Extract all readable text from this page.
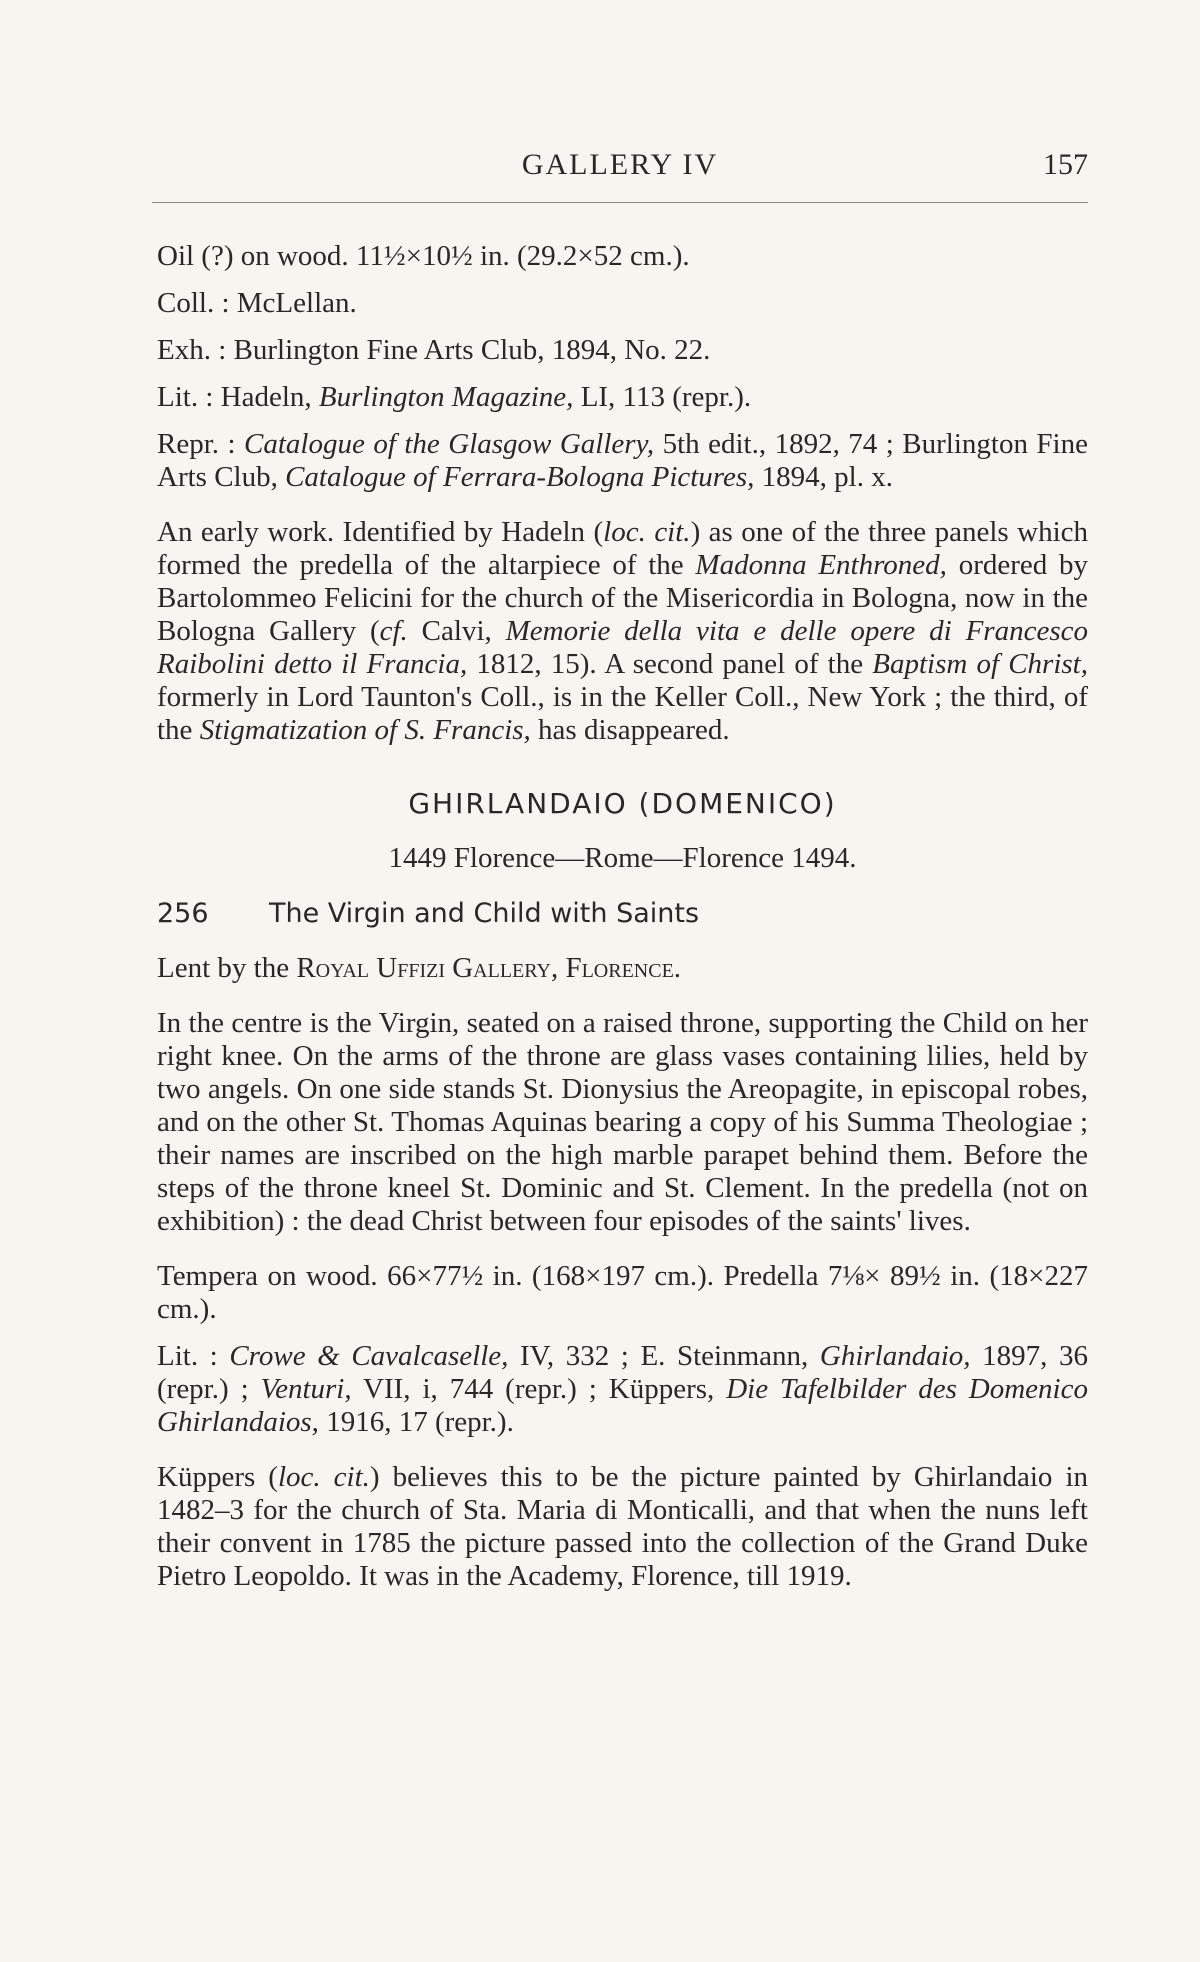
GALLERY IV	157

Oil (?) on wood. 11½×10½ in. (29.2×52 cm.).

Coll. : McLellan.

Exh. : Burlington Fine Arts Club, 1894, No. 22.

Lit. : Hadeln, Burlington Magazine, LI, 113 (repr.).

Repr. : Catalogue of the Glasgow Gallery, 5th edit., 1892, 74 ; Burlington Fine Arts Club, Catalogue of Ferrara-Bologna Pictures, 1894, pl. x.

An early work. Identified by Hadeln (loc. cit.) as one of the three panels which formed the predella of the altarpiece of the Madonna Enthroned, ordered by Bartolommeo Felicini for the church of the Misericordia in Bologna, now in the Bologna Gallery (cf. Calvi, Memorie della vita e delle opere di Francesco Raibolini detto il Francia, 1812, 15). A second panel of the Baptism of Christ, formerly in Lord Taunton's Coll., is in the Keller Coll., New York ; the third, of the Stigmatization of S. Francis, has disappeared.

GHIRLANDAIO (DOMENICO)
1449 Florence—Rome—Florence 1494.
256	The Virgin and Child with Saints

Lent by the Royal Uffizi Gallery, Florence.

In the centre is the Virgin, seated on a raised throne, supporting the Child on her right knee. On the arms of the throne are glass vases containing lilies, held by two angels. On one side stands St. Dionysius the Areopagite, in episcopal robes, and on the other St. Thomas Aquinas bearing a copy of his Summa Theologiae ; their names are inscribed on the high marble parapet behind them. Before the steps of the throne kneel St. Dominic and St. Clement. In the predella (not on exhibition) : the dead Christ between four episodes of the saints' lives.

Tempera on wood. 66×77½ in. (168×197 cm.). Predella 7⅛× 89½ in. (18×227 cm.).

Lit. : Crowe & Cavalcaselle, IV, 332 ; E. Steinmann, Ghirlandaio, 1897, 36 (repr.) ; Venturi, VII, i, 744 (repr.) ; Küppers, Die Tafelbilder des Domenico Ghirlandaios, 1916, 17 (repr.).

Küppers (loc. cit.) believes this to be the picture painted by Ghirlandaio in 1482–3 for the church of Sta. Maria di Monticalli, and that when the nuns left their convent in 1785 the picture passed into the collection of the Grand Duke Pietro Leopoldo. It was in the Academy, Florence, till 1919.
